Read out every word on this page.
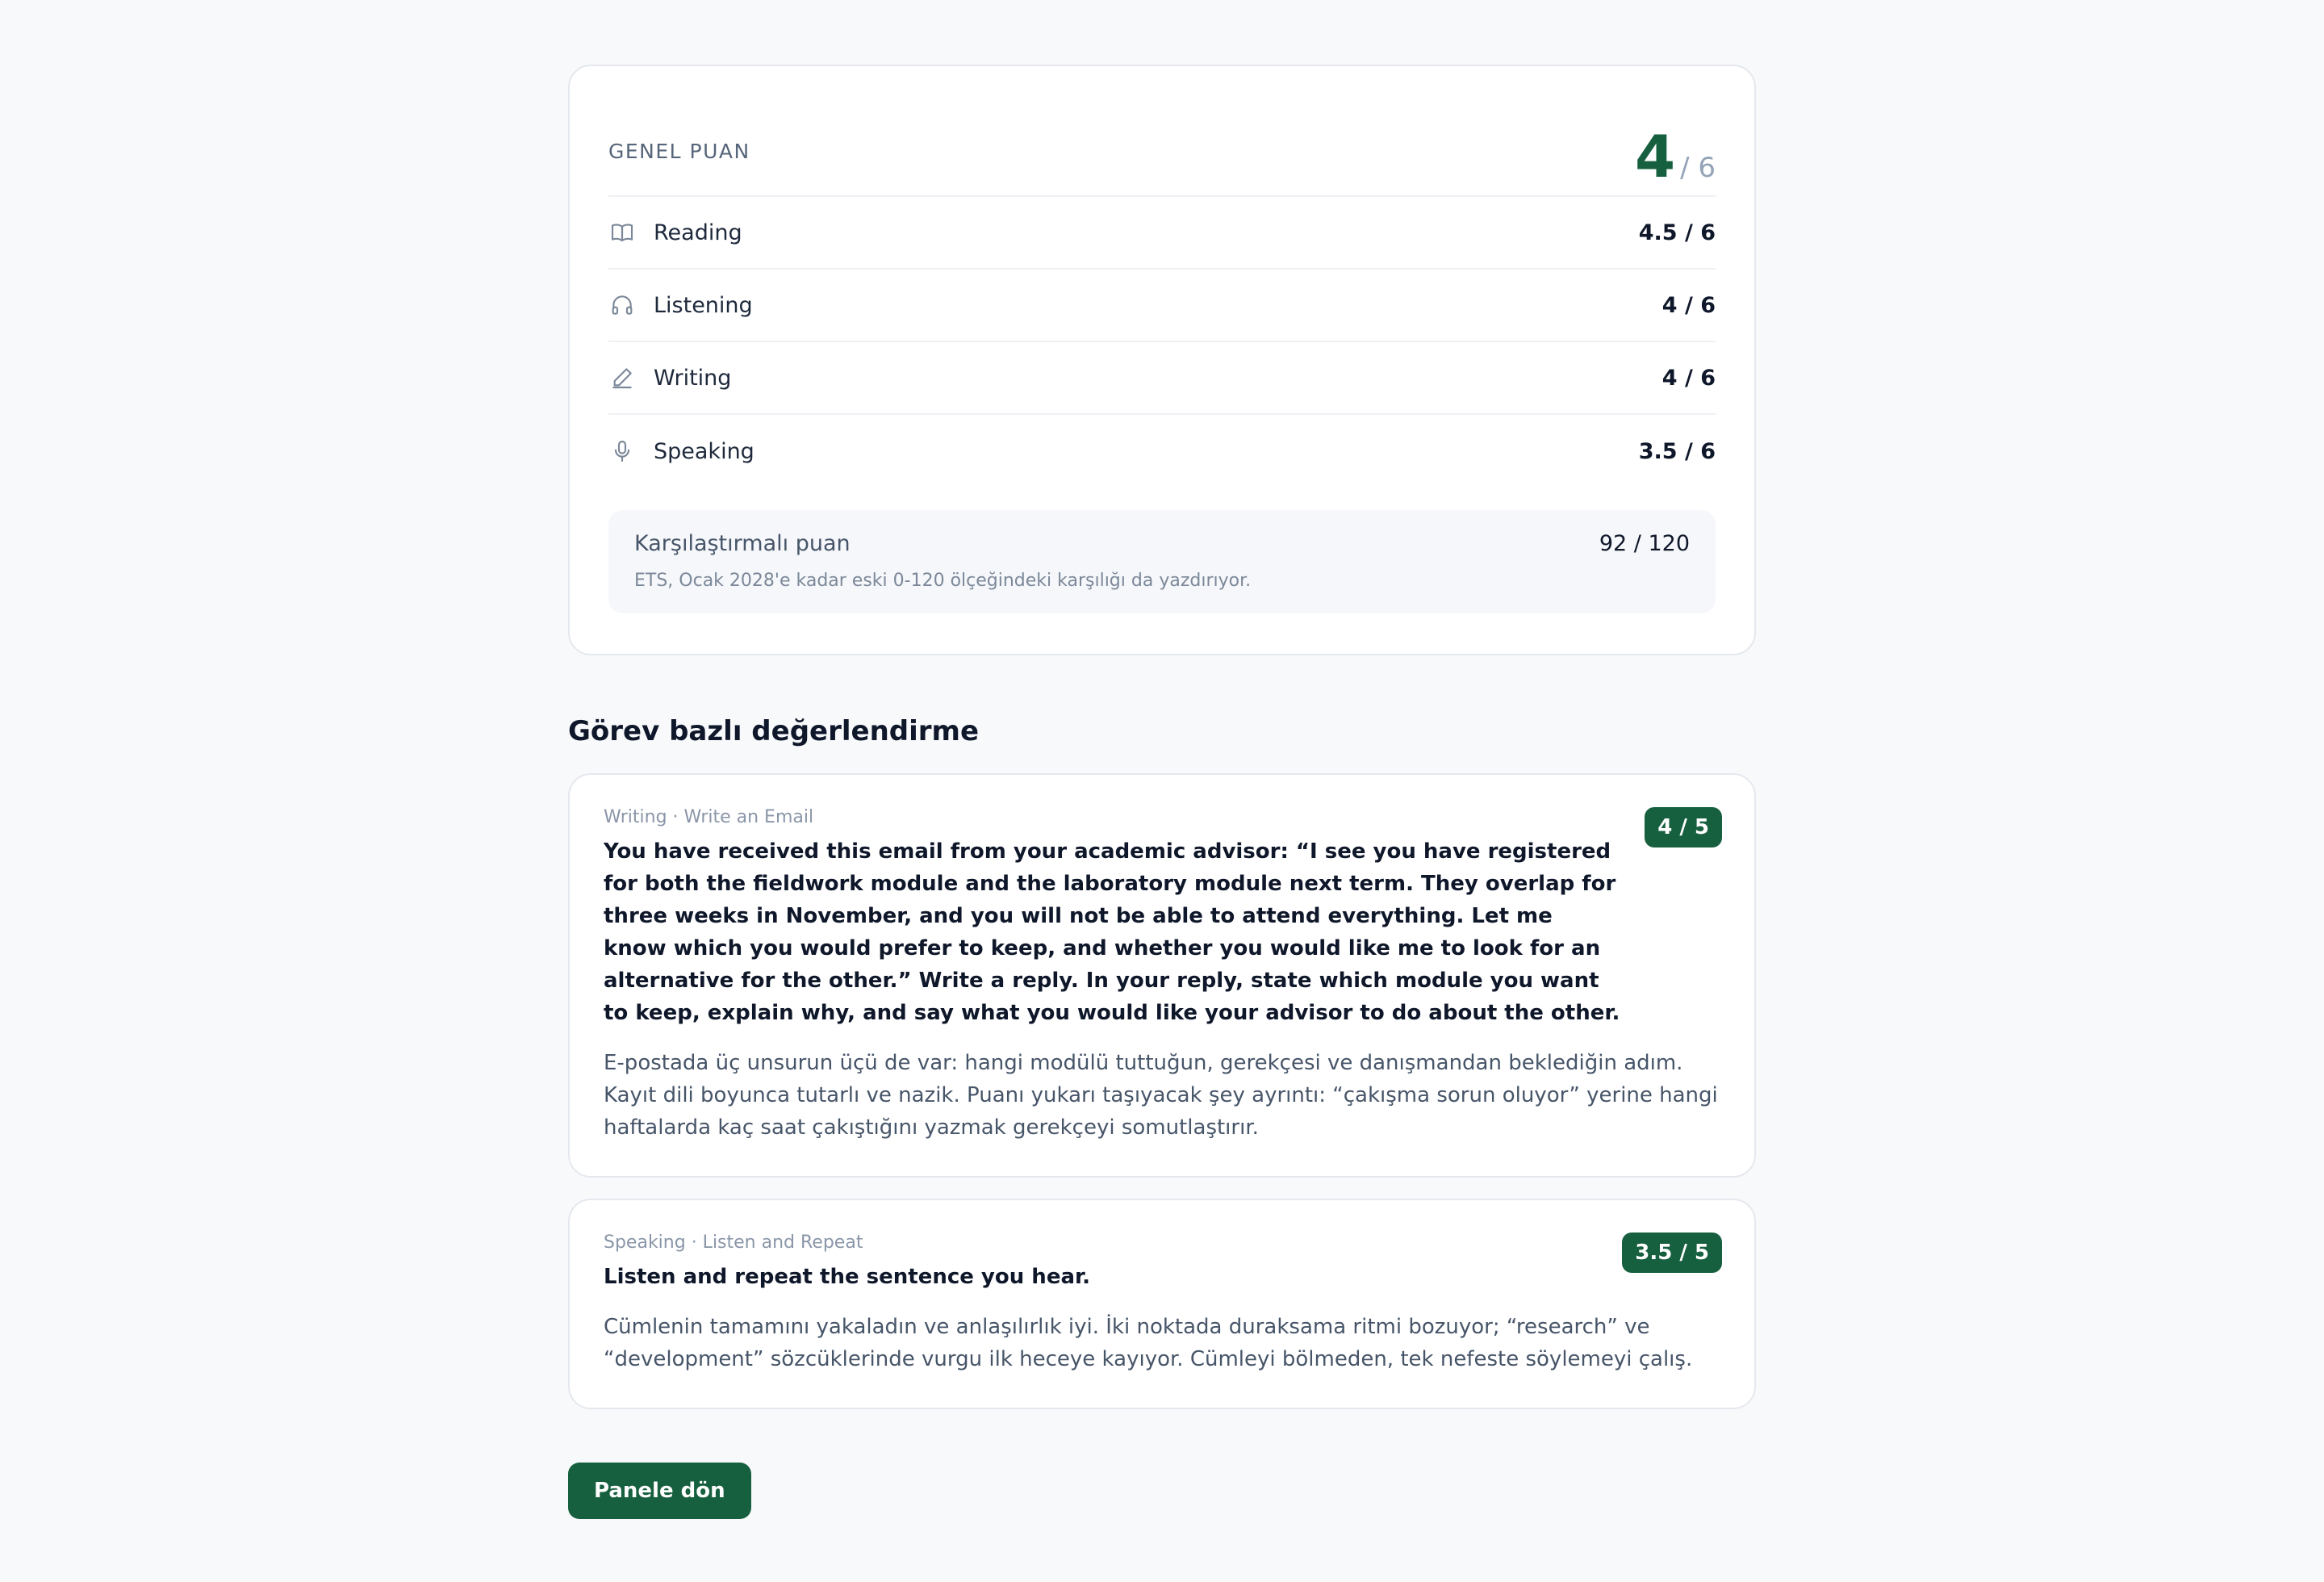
GENEL PUAN	4 / 6
Reading	4.5 / 6
Listening	4 / 6
Writing	4 / 6
Speaking	3.5 / 6
Karşılaştırmalı puan	92 / 120
ETS, Ocak 2028'e kadar eski 0-120 ölçeğindeki karşılığı da yazdırıyor.
Görev bazlı değerlendirme
Writing · Write an Email
You have received this email from your academic advisor: “I see you have registered for both the fieldwork module and the laboratory module next term. They overlap for three weeks in November, and you will not be able to attend everything. Let me know which you would prefer to keep, and whether you would like me to look for an alternative for the other.” Write a reply. In your reply, state which module you want to keep, explain why, and say what you would like your advisor to do about the other.
E-postada üç unsurun üçü de var: hangi modülü tuttuğun, gerekçesi ve danışmandan beklediğin adım. Kayıt dili boyunca tutarlı ve nazik. Puanı yukarı taşıyacak şey ayrıntı: “çakışma sorun oluyor” yerine hangi haftalarda kaç saat çakıştığını yazmak gerekçeyi somutlaştırır.
4 / 5
Speaking · Listen and Repeat
Listen and repeat the sentence you hear.
Cümlenin tamamını yakaladın ve anlaşılırlık iyi. İki noktada duraksama ritmi bozuyor; “research” ve “development” sözcüklerinde vurgu ilk heceye kayıyor. Cümleyi bölmeden, tek nefeste söylemeyi çalış.
3.5 / 5
Panele dön
